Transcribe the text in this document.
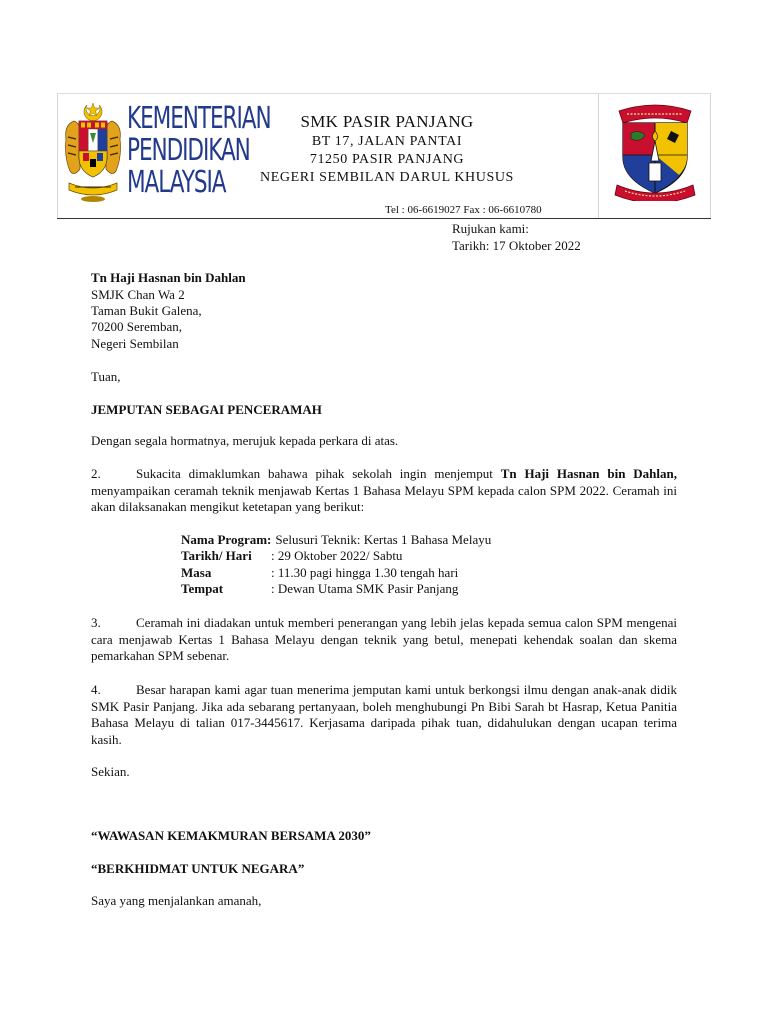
KEMENTERIAN
PENDIDIKAN
MALAYSIA
SMK PASIR PANJANG
BT 17, JALAN PANTAI
71250 PASIR PANJANG
NEGERI SEMBILAN DARUL KHUSUS
Tel : 06-6619027 Fax : 06-6610780
Rujukan kami:
Tarikh: 17 Oktober 2022
Tn Haji Hasnan bin Dahlan
SMJK Chan Wa 2
Taman Bukit Galena,
70200 Seremban,
Negeri Sembilan
Tuan,
JEMPUTAN SEBAGAI PENCERAMAH
Dengan segala hormatnya, merujuk kepada perkara di atas.
2.	Sukacita dimaklumkan bahawa pihak sekolah ingin menjemput Tn Haji Hasnan bin Dahlan, menyampaikan ceramah teknik menjawab Kertas 1 Bahasa Melayu SPM kepada calon SPM 2022. Ceramah ini akan dilaksanakan mengikut ketetapan yang berikut:
Nama Program: Selusuri Teknik: Kertas 1 Bahasa Melayu
Tarikh/ Hari : 29 Oktober 2022/ Sabtu
Masa	: 11.30 pagi hingga 1.30 tengah hari
Tempat	: Dewan Utama SMK Pasir Panjang
3.	Ceramah ini diadakan untuk memberi penerangan yang lebih jelas kepada semua calon SPM mengenai cara menjawab Kertas 1 Bahasa Melayu dengan teknik yang betul, menepati kehendak soalan dan skema pemarkahan SPM sebenar.
4.	Besar harapan kami agar tuan menerima jemputan kami untuk berkongsi ilmu dengan anak-anak didik SMK Pasir Panjang. Jika ada sebarang pertanyaan, boleh menghubungi Pn Bibi Sarah bt Hasrap, Ketua Panitia Bahasa Melayu di talian 017-3445617. Kerjasama daripada pihak tuan, didahulukan dengan ucapan terima kasih.
Sekian.
“WAWASAN KEMAKMURAN BERSAMA 2030”
“BERKHIDMAT UNTUK NEGARA”
Saya yang menjalankan amanah,
